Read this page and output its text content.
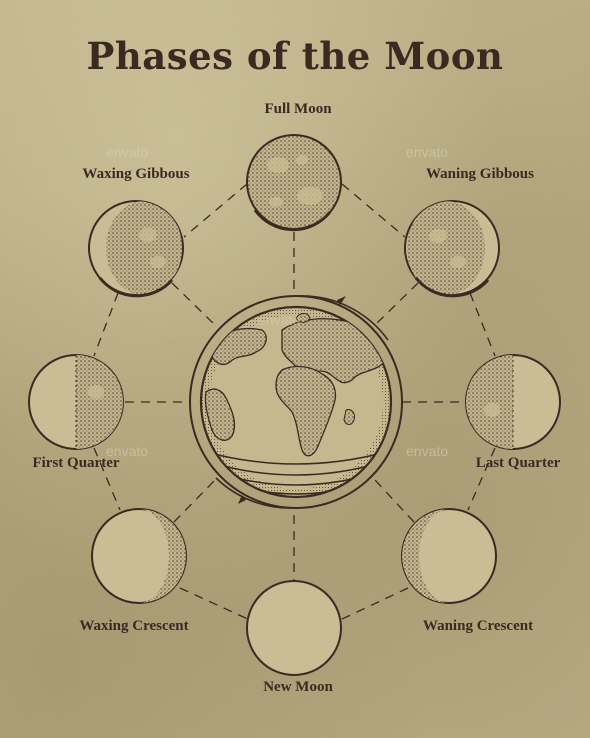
envato	envato
envato	envato
envato
Phases of the Moon
Full Moon
Waxing Gibbous	Waning Gibbous
First Quarter	Last Quarter
Waxing Crescent	Waning Crescent
New Moon
